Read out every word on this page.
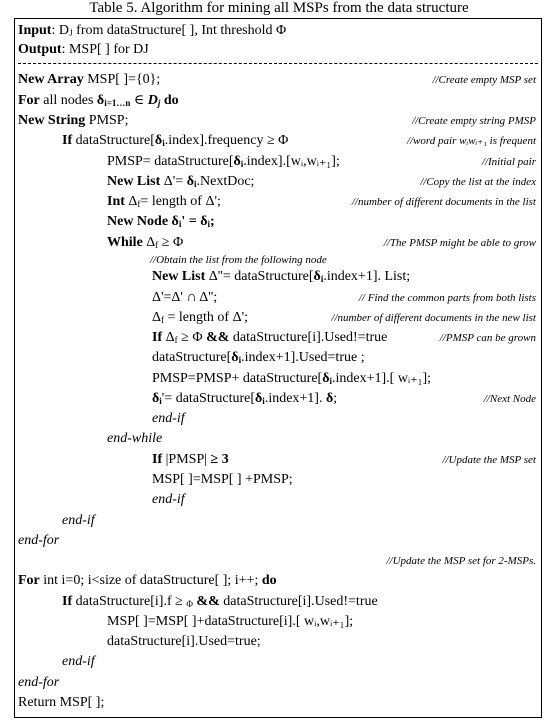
Table 5. Algorithm for mining all MSPs from the data structure
Input: Dⱼ from dataStructure[ ], Int threshold Φ
Output: MSP[ ] for DJ
New Array MSP[ ]={0};	//Create empty MSP set
For all nodes $\delta_{i=1\dots n}$ ∈ $D_j$ do
New String PMSP;	//Create empty string PMSP
If $dataStructure[\delta_i.index].frequency \ge \Phi$	//word pair wᵢwᵢ₊₁ is frequent
PMSP= $dataStructure[\delta_i.index].[wᵢ,wᵢ_{+1}]$;	//Initial pair
New List $\Delta'= \delta_i.NextDoc$;	//Copy the list at the index
Int $\Delta_f=$ length of Δ';	//number of different documents in the list
New Node $\delta_i' = \delta_i$;
While $\Delta_f \ge \Phi$	//The PMSP might be able to grow
//Obtain the list from the following node
New List $\Delta''= dataStructure[\delta_i.index+1]$. List;
Δ'=Δ' ∩ Δ'';	// Find the common parts from both lists
$\Delta_f$ = length of Δ';	//number of different documents in the new list
If $\Delta_f \ge \Phi$ && dataStructure[i].Used!=true	//PMSP can be grown
$dataStructure[\delta_i.index+1].Used=true$ ;
PMSP=PMSP+ $dataStructure[\delta_i.index+1]$.[ wᵢ₊₁];
$\delta_i'=$ $dataStructure[\delta_i.index+1]$. δ;	//Next Node
end-if
end-while
If |PMSP| ≥ 3	//Update the MSP set
MSP[ ]=MSP[ ] +PMSP;
end-if
end-if
end-for
//Update the MSP set for 2-MSPs.
For int i=0; i<size of dataStructure[ ]; i++; do
If dataStructure[i].f ≥ $_\Phi$ && dataStructure[i].Used!=true
MSP[ ]=MSP[ ]+dataStructure[i].[ wᵢ,wᵢ₊₁];
dataStructure[i].Used=true;
end-if
end-for
Return MSP[ ];
